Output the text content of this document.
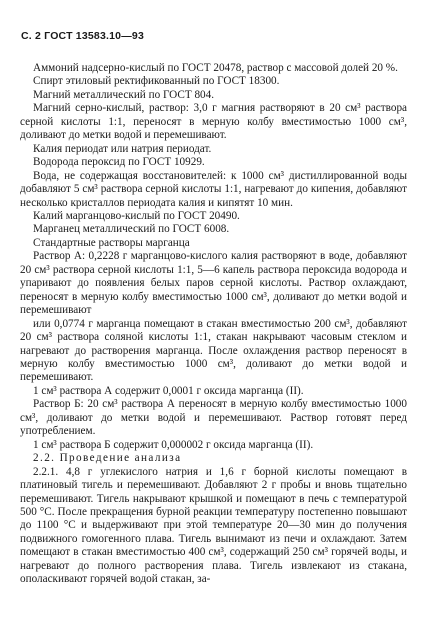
С. 2 ГОСТ 13583.10—93

Аммоний надсерно-кислый по ГОСТ 20478, раствор с массовой долей 20 %.

Спирт этиловый ректификованный по ГОСТ 18300.

Магний металлический по ГОСТ 804.

Магний серно-кислый, раствор: 3,0 г магния растворяют в 20 см³ раствора серной кислоты 1:1, переносят в мерную колбу вместимостью 1000 см³, доливают до метки водой и перемешивают.

Калия периодат или натрия периодат.

Водорода пероксид по ГОСТ 10929.

Вода, не содержащая восстановителей: к 1000 см³ дистиллированной воды добавляют 5 см³ раствора серной кислоты 1:1, нагревают до кипения, добавляют несколько кристаллов периодата калия и кипятят 10 мин.

Калий марганцово-кислый по ГОСТ 20490.

Марганец металлический по ГОСТ 6008.

Стандартные растворы марганца

Раствор А: 0,2228 г марганцово-кислого калия растворяют в воде, добавляют 20 см³ раствора серной кислоты 1:1, 5—6 капель раствора пероксида водорода и упаривают до появления белых паров серной кислоты. Раствор охлаждают, переносят в мерную колбу вместимостью 1000 см³, доливают до метки водой и перемешивают

или 0,0774 г марганца помещают в стакан вместимостью 200 см³, добавляют 20 см³ раствора соляной кислоты 1:1, стакан накрывают часовым стеклом и нагревают до растворения марганца. После охлаждения раствор переносят в мерную колбу вместимостью 1000 см³, доливают до метки водой и перемешивают.

1 см³ раствора А содержит 0,0001 г оксида марганца (II).

Раствор Б: 20 см³ раствора А переносят в мерную колбу вместимостью 1000 см³, доливают до метки водой и перемешивают. Раствор готовят перед употреблением.

1 см³ раствора Б содержит 0,000002 г оксида марганца (II).

2.2. Проведение анализа

2.2.1. 4,8 г углекислого натрия и 1,6 г борной кислоты помещают в платиновый тигель и перемешивают. Добавляют 2 г пробы и вновь тщательно перемешивают. Тигель накрывают крышкой и помещают в печь с температурой 500 °С. После прекращения бурной реакции температуру постепенно повышают до 1100 °С и выдерживают при этой температуре 20—30 мин до получения подвижного гомогенного плава. Тигель вынимают из печи и охлаждают. Затем помещают в стакан вместимостью 400 см³, содержащий 250 см³ горячей воды, и нагревают до полного растворения плава. Тигель извлекают из стакана, ополаскивают горячей водой стакан, за-
